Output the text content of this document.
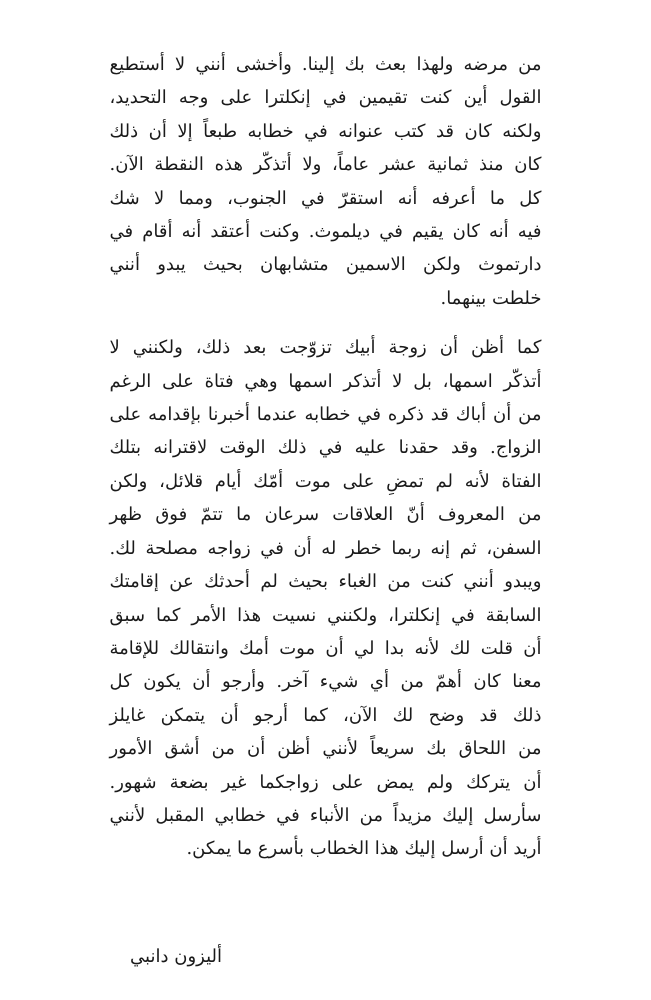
من مرضه ولهذا بعث بك إلينا. وأخشى أنني لا أستطيع
القول أين كنت تقيمين في إنكلترا على وجه التحديد،
ولكنه كان قد كتب عنوانه في خطابه طبعاً إلا أن ذلك
كان منذ ثمانية عشر عاماً، ولا أتذكّر هذه النقطة الآن.
كل ما أعرفه أنه استقرّ في الجنوب، ومما لا شك
فيه أنه كان يقيم في ديلموث. وكنت أعتقد أنه أقام في
دارتموث ولكن الاسمين متشابهان بحيث يبدو أنني
خلطت بينهما.
كما أظن أن زوجة أبيك تزوّجت بعد ذلك، ولكنني لا
أتذكّر اسمها، بل لا أتذكر اسمها وهي فتاة على الرغم
من أن أباك قد ذكره في خطابه عندما أخبرنا بإقدامه على
الزواج. وقد حقدنا عليه في ذلك الوقت لاقترانه بتلك
الفتاة لأنه لم تمضِ على موت أمّك أيام قلائل، ولكن
من المعروف أنّ العلاقات سرعان ما تتمّ فوق ظهر
السفن، ثم إنه ربما خطر له أن في زواجه مصلحة لك.
ويبدو أنني كنت من الغباء بحيث لم أحدثك عن إقامتك
السابقة في إنكلترا، ولكنني نسيت هذا الأمر كما سبق
أن قلت لك لأنه بدا لي أن موت أمك وانتقالك للإقامة
معنا كان أهمّ من أي شيء آخر. وأرجو أن يكون كل
ذلك قد وضح لك الآن، كما أرجو أن يتمكن غايلز
من اللحاق بك سريعاً لأنني أظن أن من أشق الأمور
أن يتركك ولم يمض على زواجكما غير بضعة شهور.
سأرسل إليك مزيداً من الأنباء في خطابي المقبل لأنني
أريد أن أرسل إليك هذا الخطاب بأسرع ما يمكن.
أليزون دانبي
